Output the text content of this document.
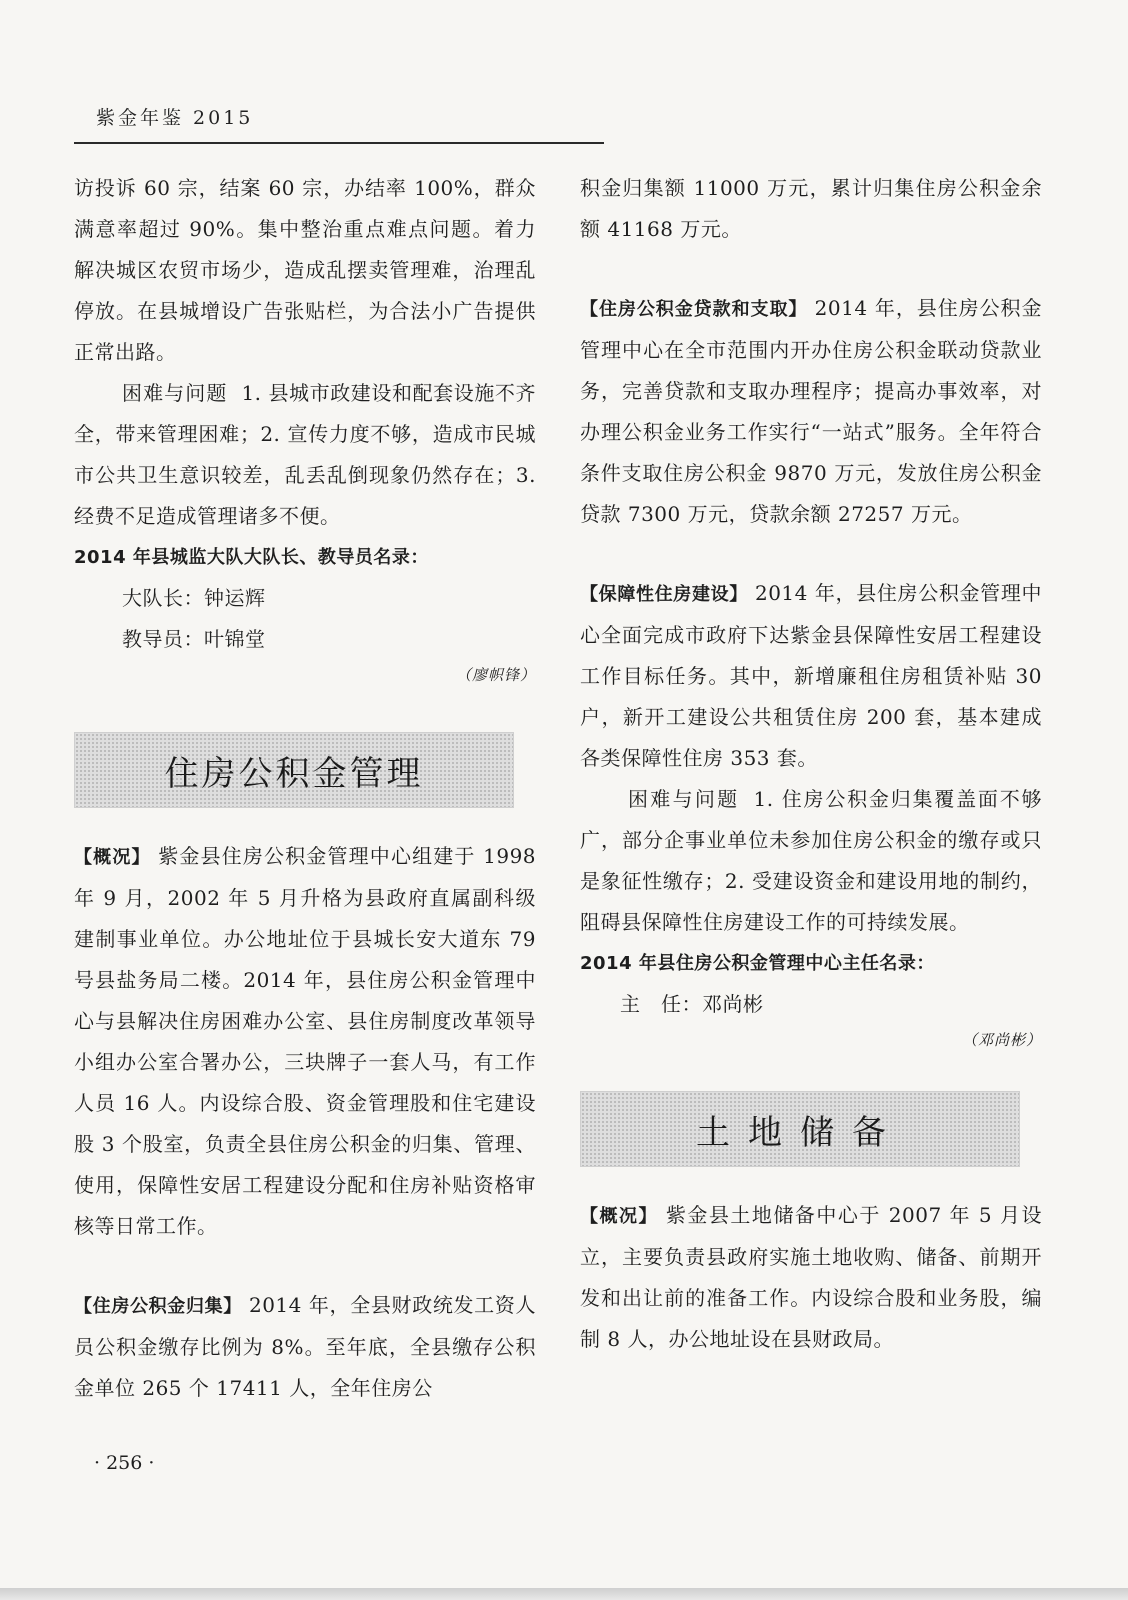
紫金年鉴 2015

访投诉 60 宗，结案 60 宗，办结率 100%，群众满意率超过 90%。集中整治重点难点问题。着力解决城区农贸市场少，造成乱摆卖管理难，治理乱停放。在县城增设广告张贴栏，为合法小广告提供正常出路。

困难与问题 1. 县城市政建设和配套设施不齐全，带来管理困难；2. 宣传力度不够，造成市民城市公共卫生意识较差，乱丢乱倒现象仍然存在；3. 经费不足造成管理诸多不便。

2014 年县城监大队大队长、教导员名录：

大队长：钟运辉

教导员：叶锦堂

（廖帜锋）

住房公积金管理

【概况】 紫金县住房公积金管理中心组建于 1998 年 9 月，2002 年 5 月升格为县政府直属副科级建制事业单位。办公地址位于县城长安大道东 79 号县盐务局二楼。2014 年，县住房公积金管理中心与县解决住房困难办公室、县住房制度改革领导小组办公室合署办公，三块牌子一套人马，有工作人员 16 人。内设综合股、资金管理股和住宅建设股 3 个股室，负责全县住房公积金的归集、管理、使用，保障性安居工程建设分配和住房补贴资格审核等日常工作。

【住房公积金归集】 2014 年，全县财政统发工资人员公积金缴存比例为 8%。至年底，全县缴存公积金单位 265 个 17411 人，全年住房公

积金归集额 11000 万元，累计归集住房公积金余额 41168 万元。

【住房公积金贷款和支取】 2014 年，县住房公积金管理中心在全市范围内开办住房公积金联动贷款业务，完善贷款和支取办理程序；提高办事效率，对办理公积金业务工作实行“一站式”服务。全年符合条件支取住房公积金 9870 万元，发放住房公积金贷款 7300 万元，贷款余额 27257 万元。

【保障性住房建设】 2014 年，县住房公积金管理中心全面完成市政府下达紫金县保障性安居工程建设工作目标任务。其中，新增廉租住房租赁补贴 30 户，新开工建设公共租赁住房 200 套，基本建成各类保障性住房 353 套。

困难与问题 1. 住房公积金归集覆盖面不够广，部分企事业单位未参加住房公积金的缴存或只是象征性缴存；2. 受建设资金和建设用地的制约，阻碍县保障性住房建设工作的可持续发展。

2014 年县住房公积金管理中心主任名录：

主　任：邓尚彬

（邓尚彬）

土地储备

【概况】 紫金县土地储备中心于 2007 年 5 月设立，主要负责县政府实施土地收购、储备、前期开发和出让前的准备工作。内设综合股和业务股，编制 8 人，办公地址设在县财政局。

· 256 ·
